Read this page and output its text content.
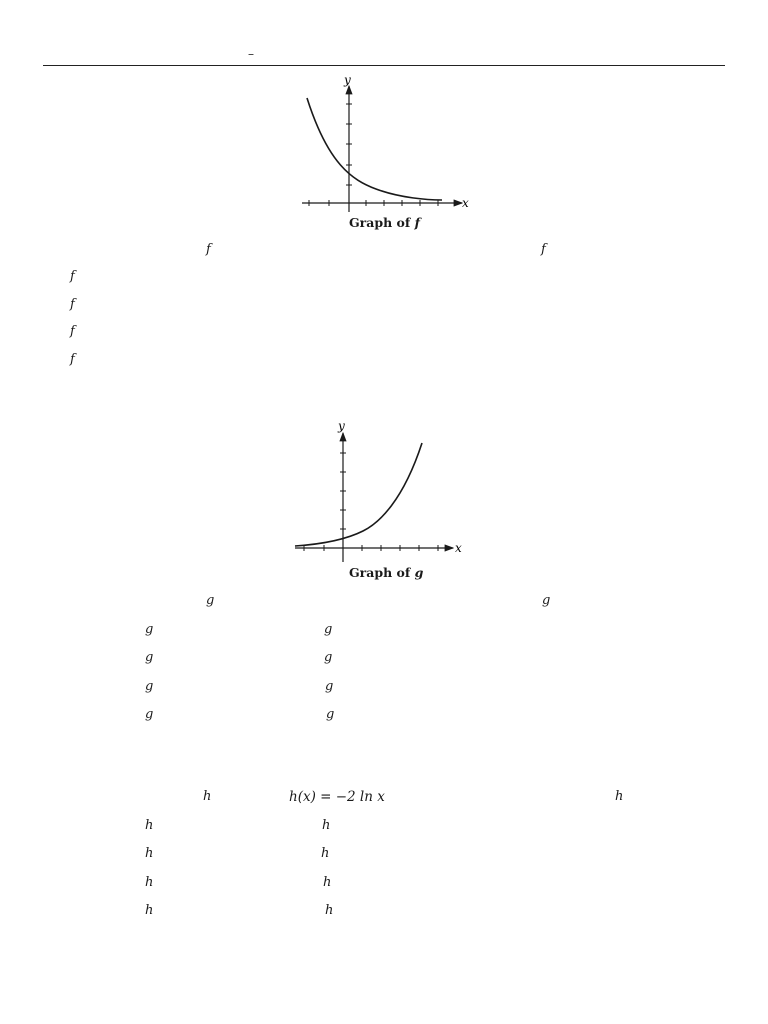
–
x
y
Graph of f
f	f
f
f
f
f
x
y
Graph of g
g	g
g	g
g	g
g	g
g	g
h	h(x) = −2 ln x	h
h	h
h	h
h	h
h	h
